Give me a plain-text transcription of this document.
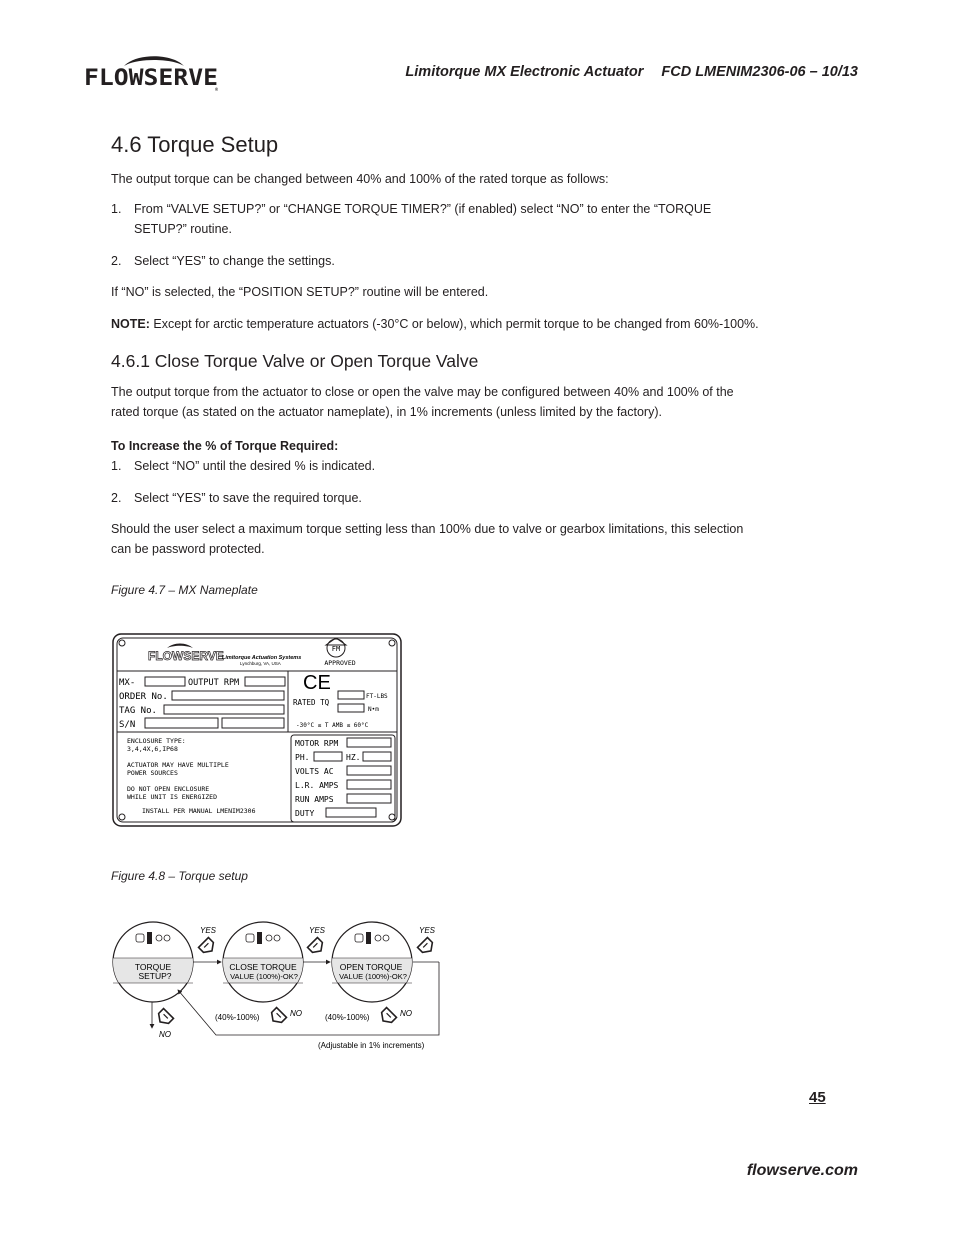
FLOWSERVE
®
Limitorque MX Electronic Actuator FCD LMENIM2306-06 – 10/13
4.6 Torque Setup
The output torque can be changed between 40% and 100% of the rated torque as follows:
1. From “VALVE SETUP?” or “CHANGE TORQUE TIMER?” (if enabled) select “NO” to enter the “TORQUE SETUP?” routine.
2. Select “YES” to change the settings.
If “NO” is selected, the “POSITION SETUP?” routine will be entered.
NOTE: Except for arctic temperature actuators (-30°C or below), which permit torque to be changed from 60%-100%.
4.6.1 Close Torque Valve or Open Torque Valve
The output torque from the actuator to close or open the valve may be configured between 40% and 100% of the rated torque (as stated on the actuator nameplate), in 1% increments (unless limited by the factory).
To Increase the % of Torque Required:
1. Select “NO” until the desired % is indicated.
2. Select “YES” to save the required torque.
Should the user select a maximum torque setting less than 100% due to valve or gearbox limitations, this selection can be password protected.
Figure 4.7 – MX Nameplate
FLOWSERVE
Limitorque Actuation Systems
Lynchburg, VA, USA
FM
APPROVED
CE
MX-	OUTPUT RPM
ORDER No.
TAG No.
S/N
FT-LBS
RATED TQ
N•m
-30°C ≤ T AMB ≤ 60°C
ENCLOSURE TYPE:
3,4,4X,6,IP68
ACTUATOR MAY HAVE MULTIPLE
POWER SOURCES
DO NOT OPEN ENCLOSURE
WHILE UNIT IS ENERGIZED
INSTALL PER MANUAL LMENIM2306
MOTOR RPM
PH.	HZ.
VOLTS AC
L.R. AMPS
RUN AMPS
DUTY
Figure 4.8 – Torque setup
TORQUE
SETUP?
CLOSE TORQUE
VALUE (100%)-OK?
OPEN TORQUE
VALUE (100%)-OK?
YES	YES	YES
NO
(40%-100%)	NO	(40%-100%)	NO
(Adjustable in 1% increments)
45
flowserve.com
